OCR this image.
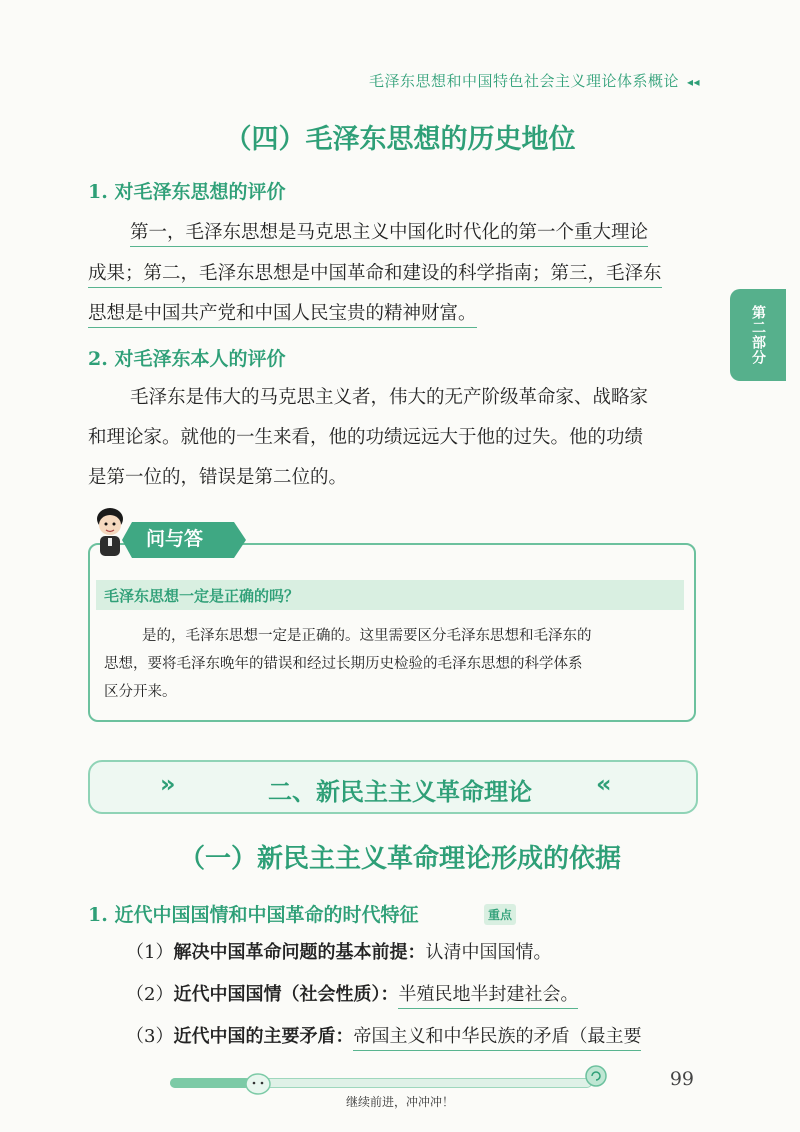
毛泽东思想和中国特色社会主义理论体系概论 ◂◂
第二部分
（四）毛泽东思想的历史地位
1. 对毛泽东思想的评价
第一，毛泽东思想是马克思主义中国化时代化的第一个重大理论
成果；第二，毛泽东思想是中国革命和建设的科学指南；第三，毛泽东
思想是中国共产党和中国人民宝贵的精神财富。
2. 对毛泽东本人的评价
毛泽东是伟大的马克思主义者，伟大的无产阶级革命家、战略家
和理论家。就他的一生来看，他的功绩远远大于他的过失。他的功绩
是第一位的，错误是第二位的。
问与答
毛泽东思想一定是正确的吗？
是的，毛泽东思想一定是正确的。这里需要区分毛泽东思想和毛泽东的
思想，要将毛泽东晚年的错误和经过长期历史检验的毛泽东思想的科学体系
区分开来。
»	二、新民主主义革命理论	«
（一）新民主主义革命理论形成的依据
1. 近代中国国情和中国革命的时代特征	重点
（1）解决中国革命问题的基本前提：认清中国国情。
（2）近代中国国情（社会性质）：半殖民地半封建社会。
（3）近代中国的主要矛盾：帝国主义和中华民族的矛盾（最主要
99
继续前进，冲冲冲！
